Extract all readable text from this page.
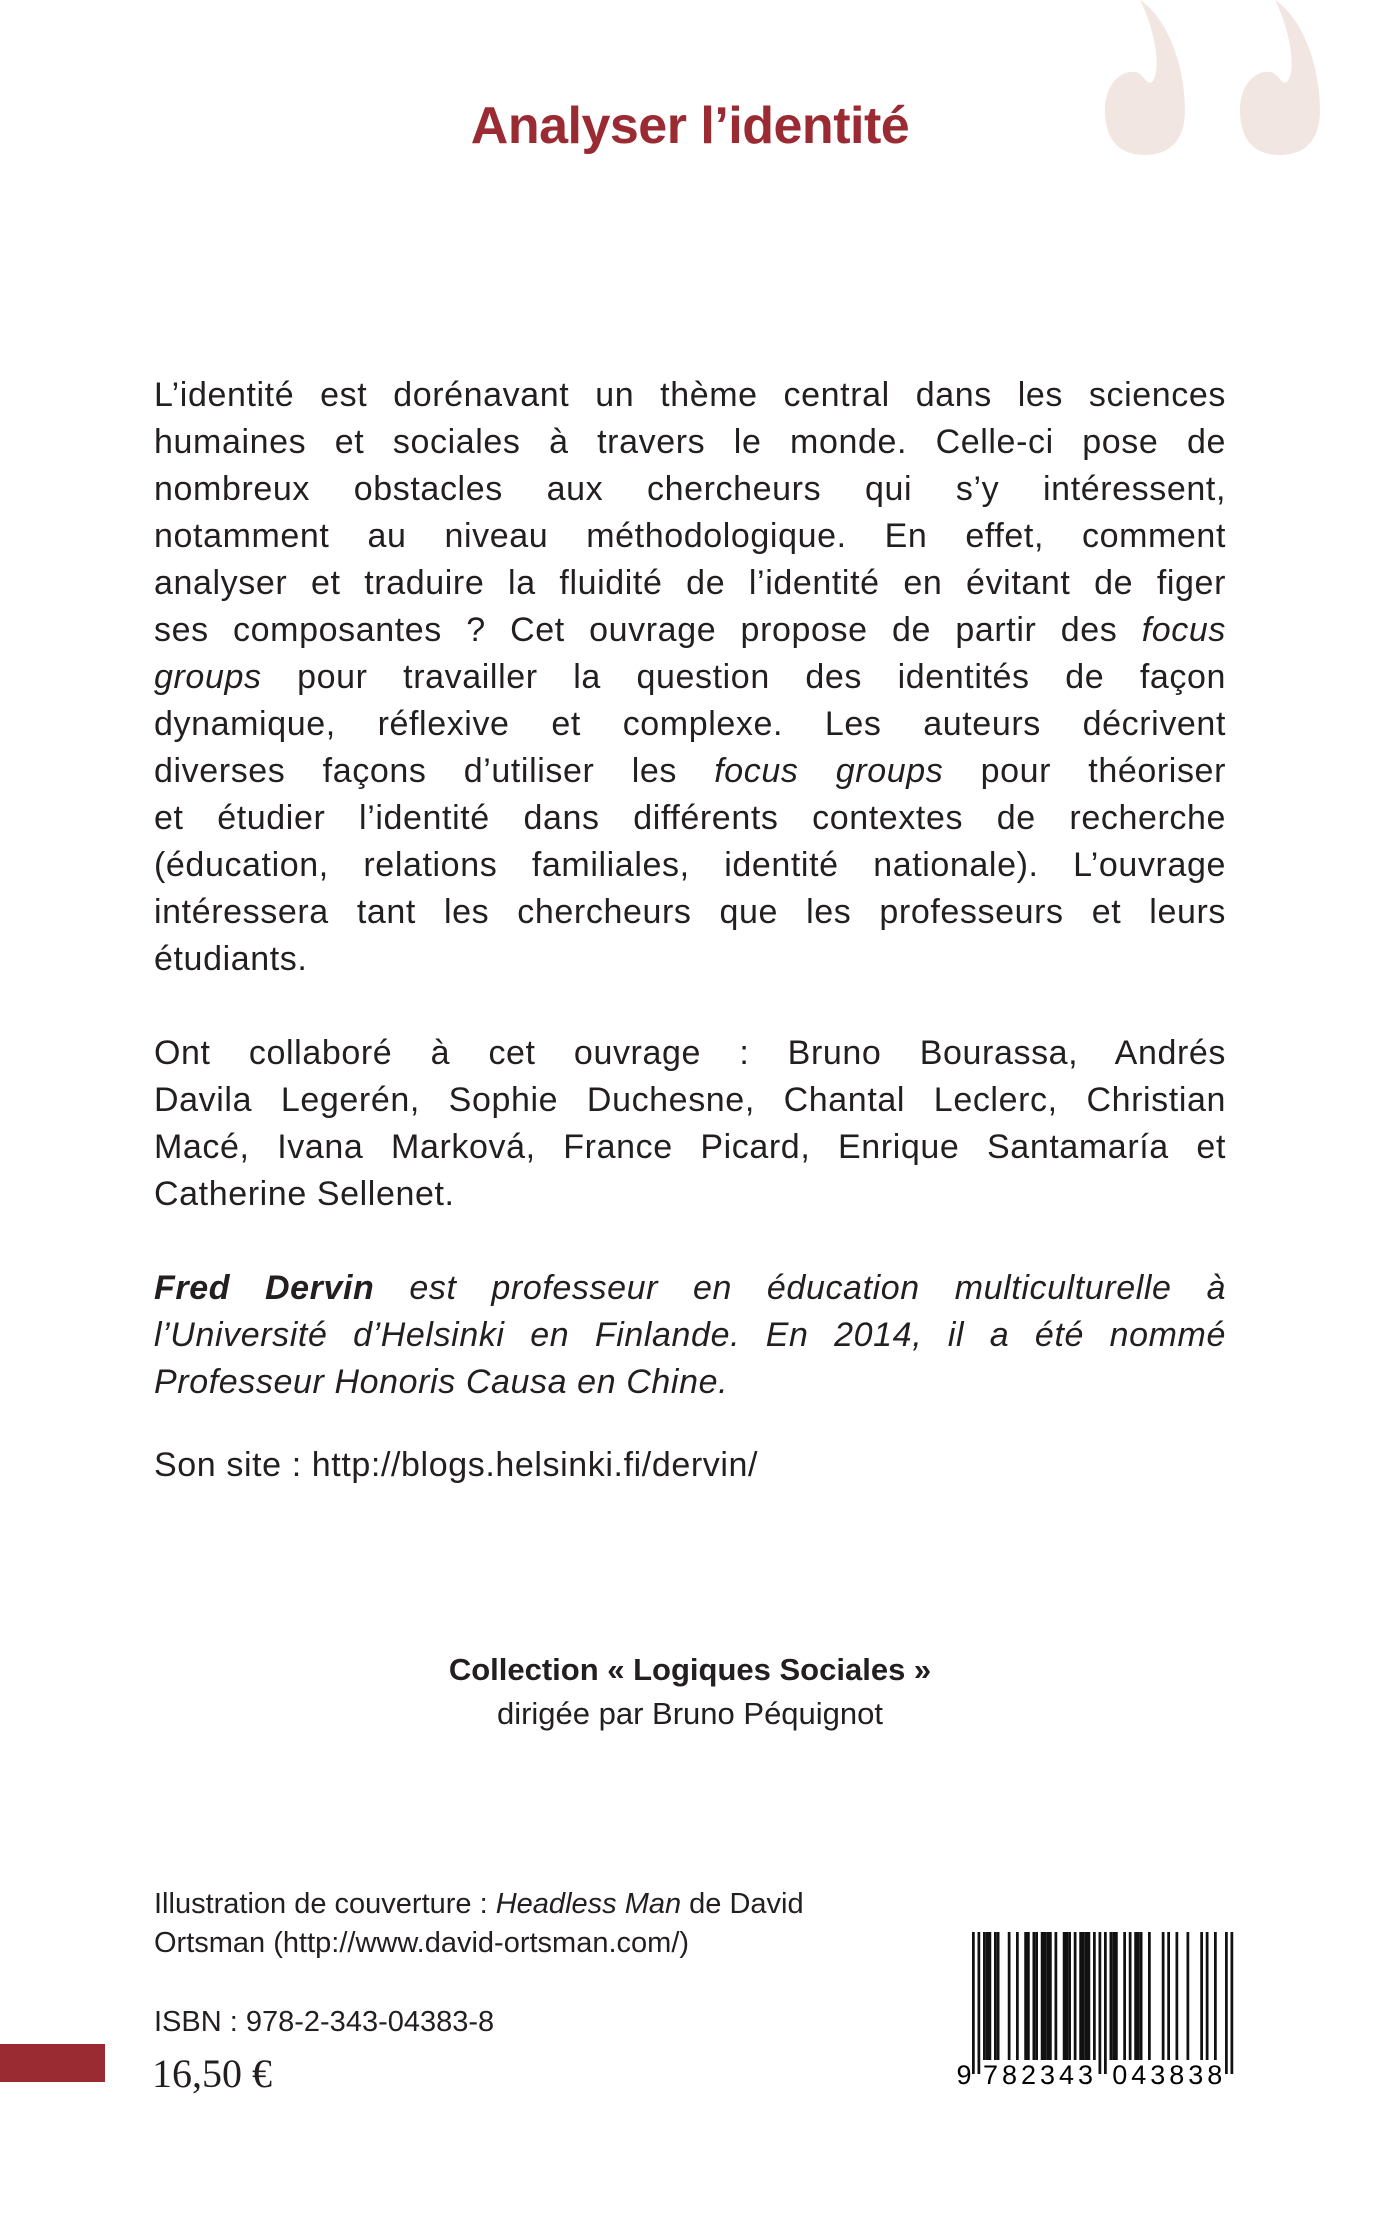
Analyser l’identité
L’identité est dorénavant un thème central dans les sciences
humaines et sociales à travers le monde. Celle-ci pose de
nombreux obstacles aux chercheurs qui s’y intéressent,
notamment au niveau méthodologique. En effet, comment
analyser et traduire la fluidité de l’identité en évitant de figer
ses composantes ? Cet ouvrage propose de partir des focus
groups pour travailler la question des identités de façon
dynamique, réflexive et complexe. Les auteurs décrivent
diverses façons d’utiliser les focus groups pour théoriser
et étudier l’identité dans différents contextes de recherche
(éducation, relations familiales, identité nationale). L’ouvrage
intéressera tant les chercheurs que les professeurs et leurs
étudiants.
Ont collaboré à cet ouvrage : Bruno Bourassa, Andrés
Davila Legerén, Sophie Duchesne, Chantal Leclerc, Christian
Macé, Ivana Marková, France Picard, Enrique Santamaría et
Catherine Sellenet.
Fred Dervin est professeur en éducation multiculturelle à
l’Université d’Helsinki en Finlande. En 2014, il a été nommé
Professeur Honoris Causa en Chine.
Son site : http://blogs.helsinki.fi/dervin/
Collection « Logiques Sociales »
dirigée par Bruno Péquignot
Illustration de couverture : Headless Man de David
Ortsman (http://www.david-ortsman.com/)
ISBN : 978-2-343-04383-8
16,50 €	9 782343 043838
